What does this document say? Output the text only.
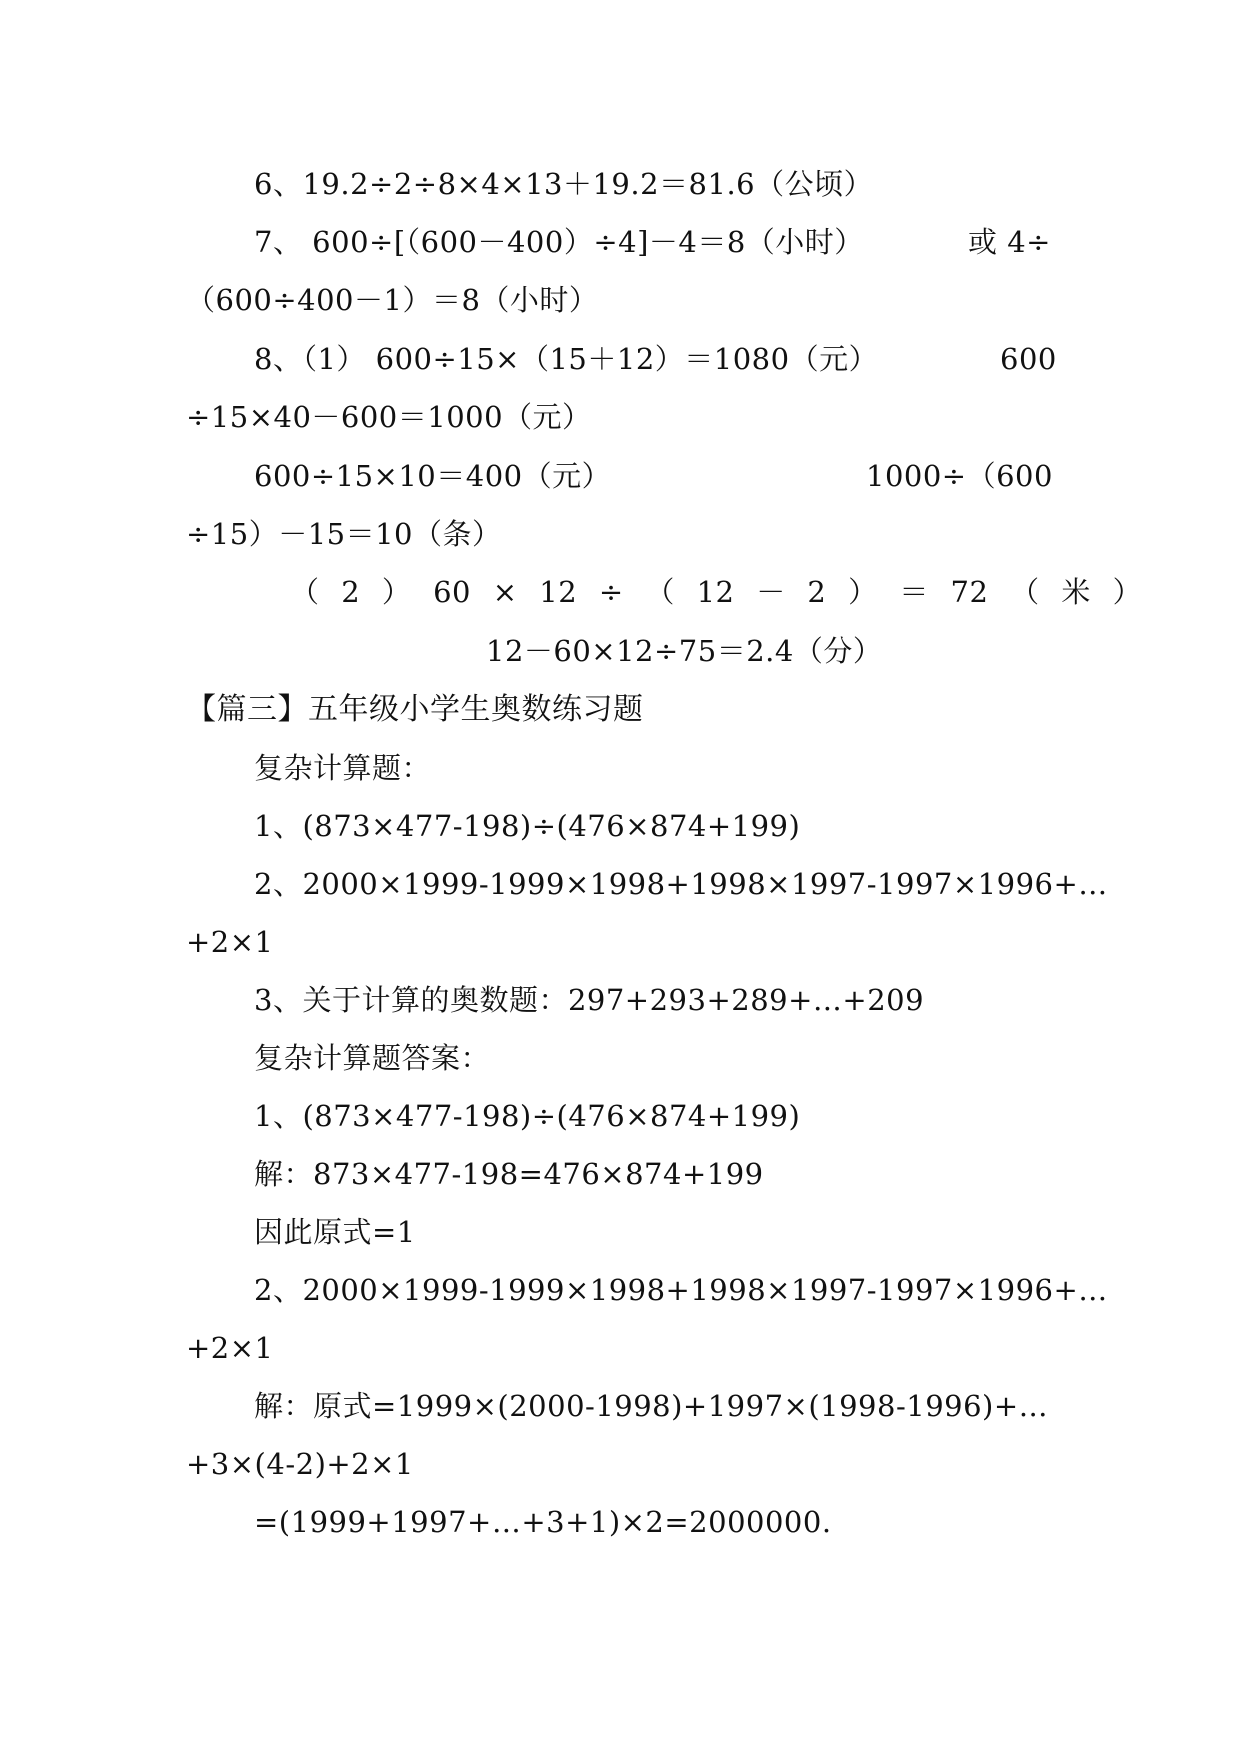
6、19.2÷2÷8×4×13＋19.2＝81.6（公顷）
7、 600÷[（600－400）÷4]－4＝8（小时）	或 4÷
（600÷400－1）＝8（小时）
8、（1） 600÷15×（15＋12）＝1080（元）	600
÷15×40－600＝1000（元）
600÷15×10＝400（元）	1000÷（600
÷15）－15＝10（条）
（ 2 ） 60 × 12 ÷ （ 12 － 2 ） ＝ 72 （ 米 ）
12－60×12÷75＝2.4（分）
【篇三】五年级小学生奥数练习题
复杂计算题：
1、(873×477-198)÷(476×874+199)
2、2000×1999-1999×1998+1998×1997-1997×1996+…
+2×1
3、关于计算的奥数题：297+293+289+…+209
复杂计算题答案：
1、(873×477-198)÷(476×874+199)
解：873×477-198=476×874+199
因此原式=1
2、2000×1999-1999×1998+1998×1997-1997×1996+…
+2×1
解：原式=1999×(2000-1998)+1997×(1998-1996)+…
+3×(4-2)+2×1
=(1999+1997+…+3+1)×2=2000000.
